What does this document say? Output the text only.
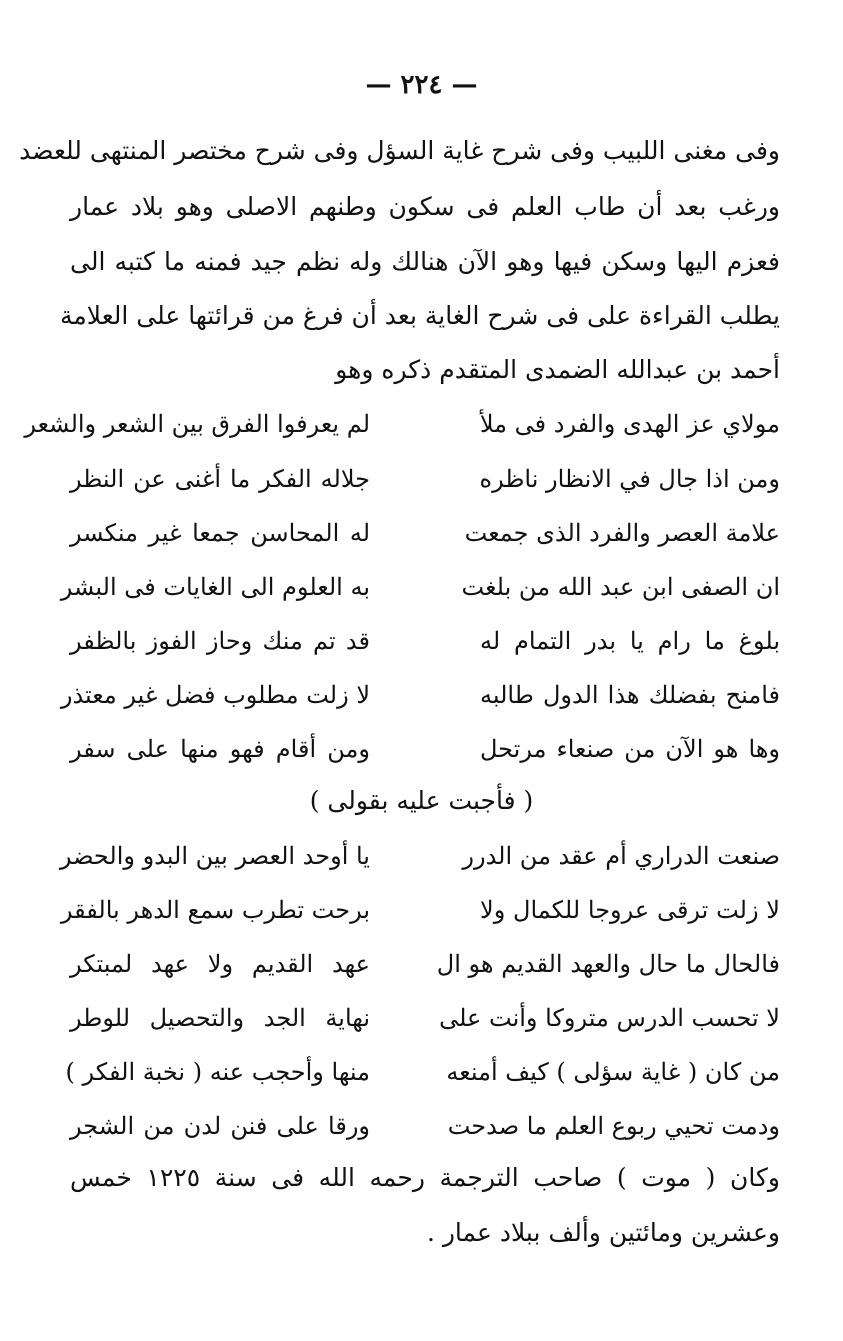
— ٢٢٤ —
وفى مغنى اللبيب وفى شرح غاية السؤل وفى شرح مختصر المنتهى للعضد
ورغب بعد أن طاب العلم فى سكون وطنهم الاصلى وهو بلاد عمار
فعزم اليها وسكن فيها وهو الآن هنالك وله نظم جيد فمنه ما كتبه الى
يطلب القراءة على فى شرح الغاية بعد أن فرغ من قرائتها على العلامة
أحمد بن عبدالله الضمدى المتقدم ذكره وهو
مولاي عز الهدى والفرد فى ملأ
لم يعرفوا الفرق بين الشعر والشعر
ومن اذا جال في الانظار ناظره
جلاله الفكر ما أغنى عن النظر
علامة العصر والفرد الذى جمعت
له المحاسن جمعا غير منكسر
ان الصفى ابن عبد الله من بلغت
به العلوم الى الغايات فى البشر
بلوغ ما رام يا بدر التمام له
قد تم منك وحاز الفوز بالظفر
فامنح بفضلك هذا الدول طالبه
لا زلت مطلوب فضل غير معتذر
وها هو الآن من صنعاء مرتحل
ومن أقام فهو منها على سفر
( فأجبت عليه بقولى )
صنعت الدراري أم عقد من الدرر
يا أوحد العصر بين البدو والحضر
لا زلت ترقى عروجا للكمال ولا
برحت تطرب سمع الدهر بالفقر
فالحال ما حال والعهد القديم هو ال
عهد القديم ولا عهد لمبتكر
لا تحسب الدرس متروكا وأنت على
نهاية الجد والتحصيل للوطر
من كان ( غاية سؤلى ) كيف أمنعه
منها وأحجب عنه ( نخبة الفكر )
ودمت تحيي ربوع العلم ما صدحت
ورقا على فنن لدن من الشجر
وكان ( موت ) صاحب الترجمة رحمه الله فى سنة ١٢٢٥ خمس
وعشرين ومائتين وألف ببلاد عمار .
